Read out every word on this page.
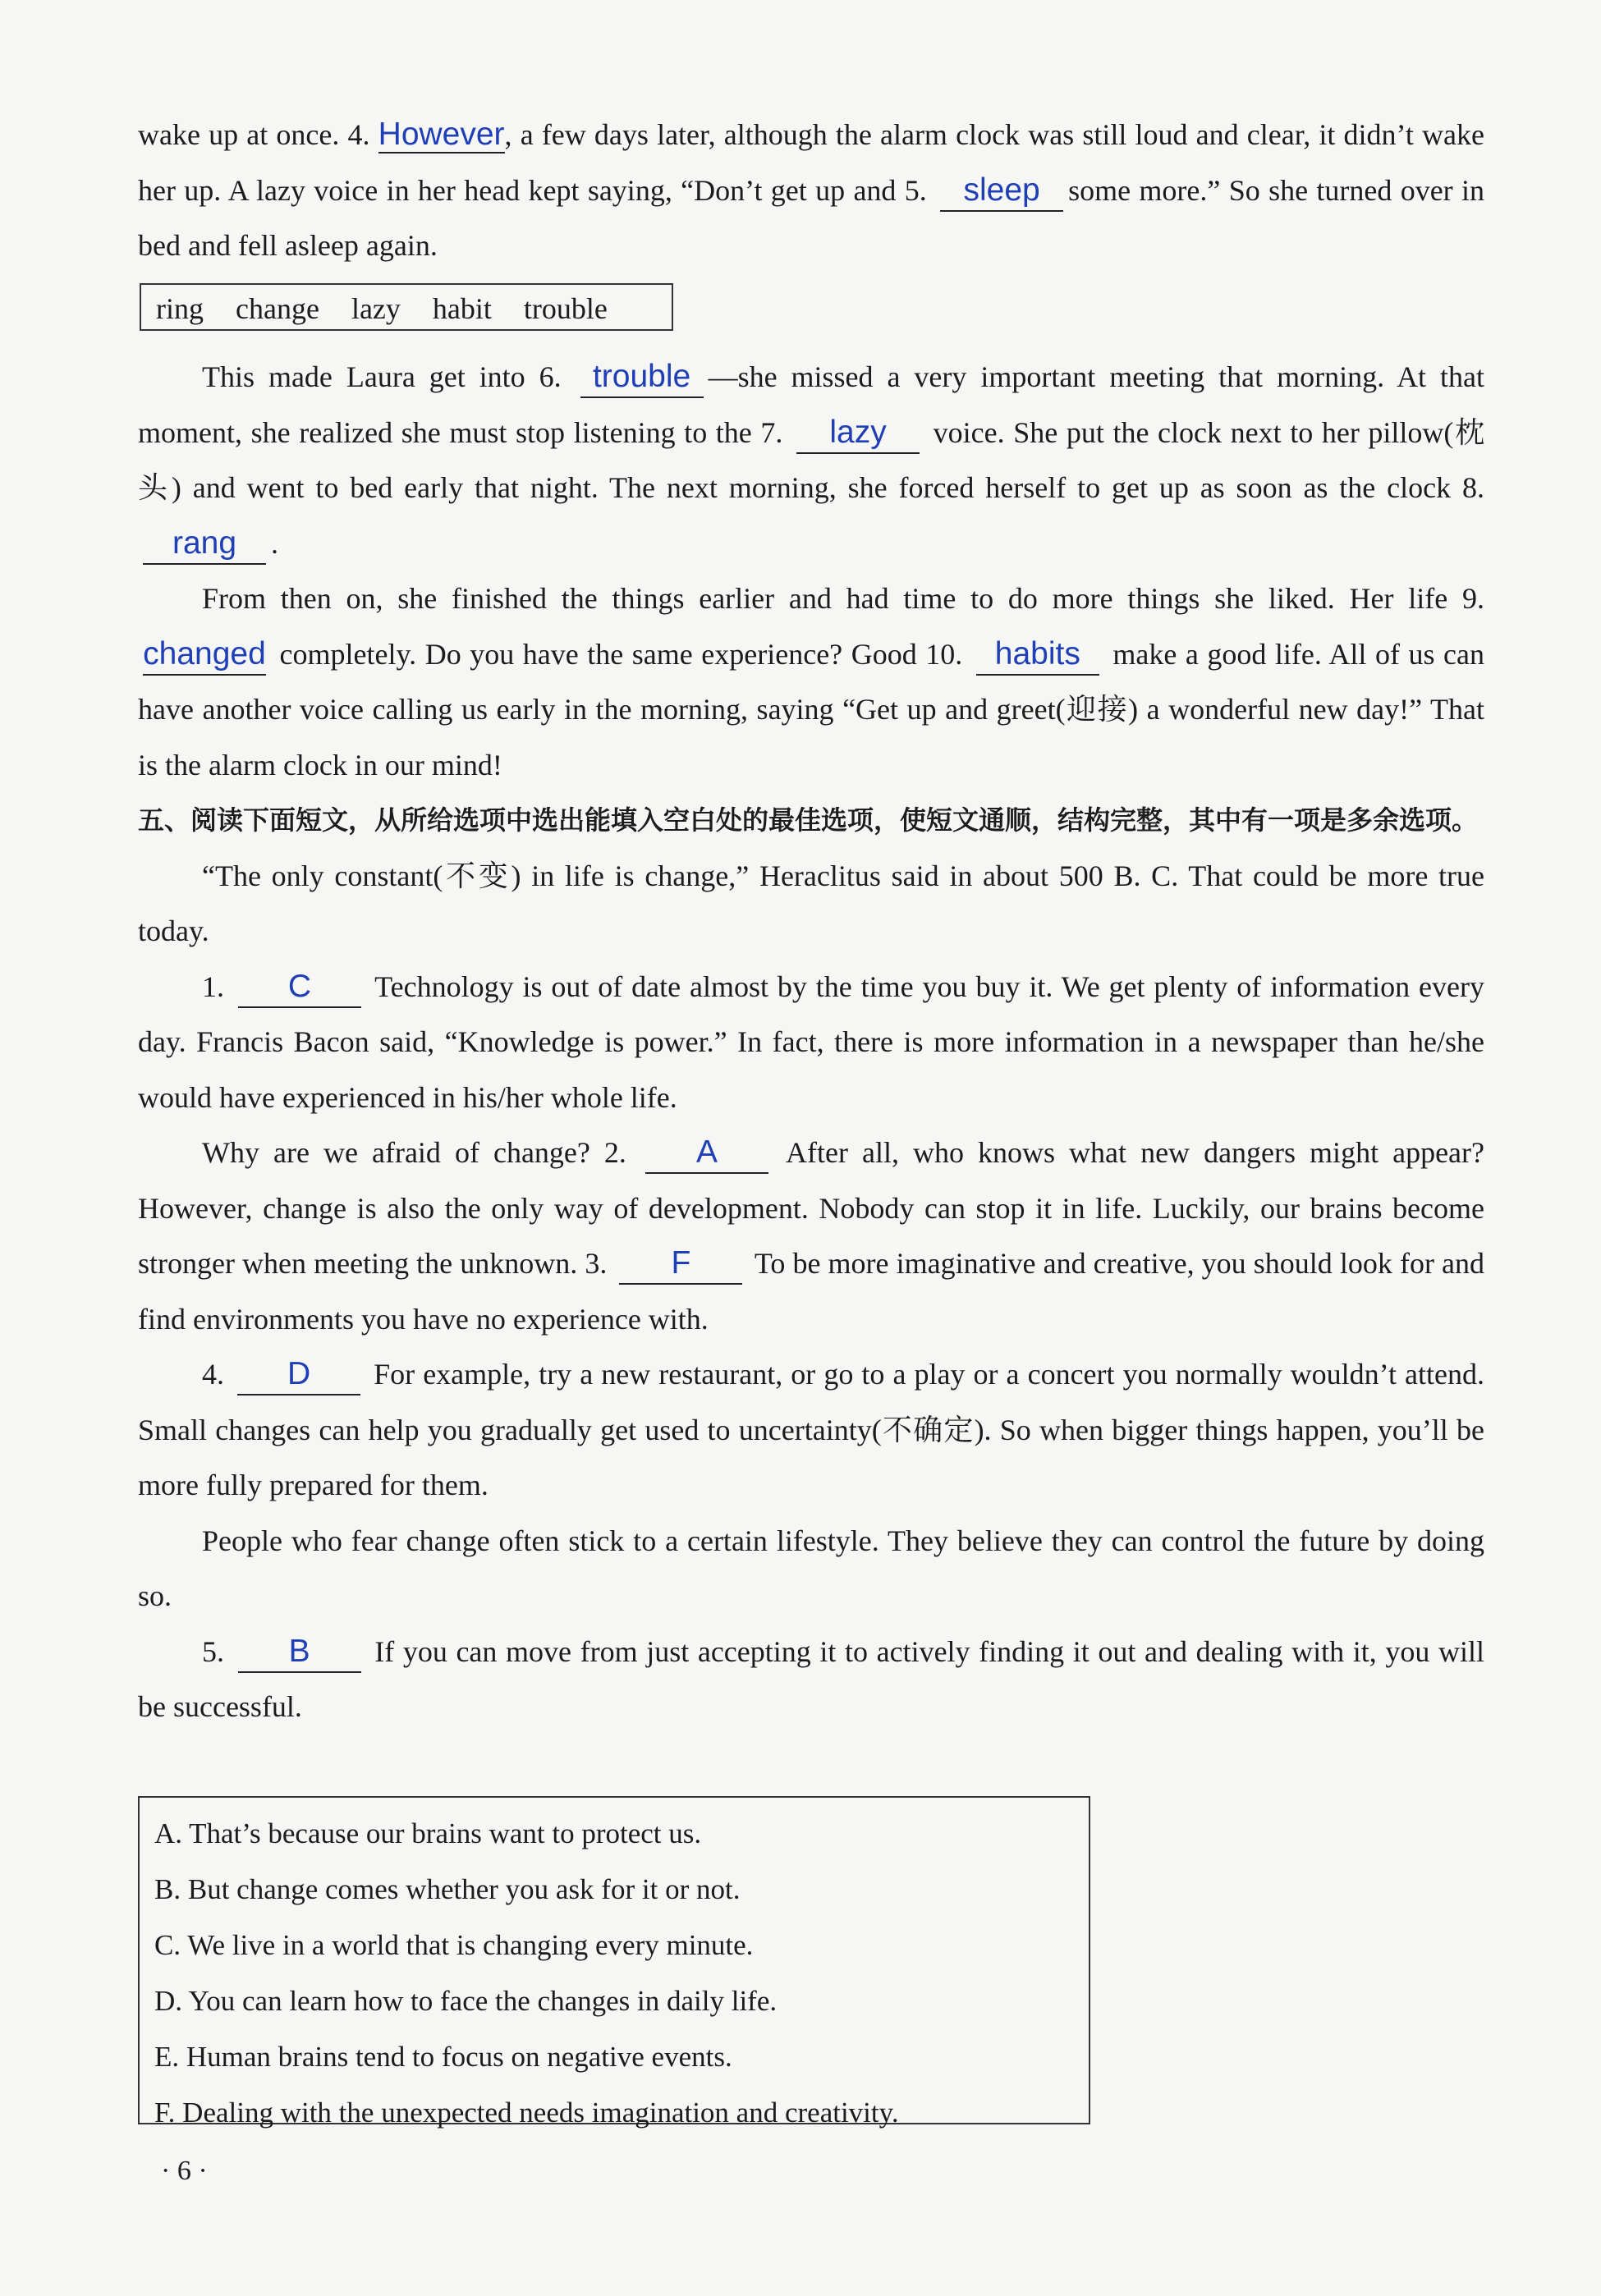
wake up at once. 4. However, a few days later, although the alarm clock was still loud and clear, it didn’t wake her up. A lazy voice in her head kept saying, “Don’t get up and 5. sleep some more.” So she turned over in bed and fell asleep again.

ring change lazy habit trouble

This made Laura get into 6. trouble —she missed a very important meeting that morning. At that moment, she realized she must stop listening to the 7. lazy voice. She put the clock next to her pillow(枕头) and went to bed early that night. The next morning, she forced herself to get up as soon as the clock 8. rang .

From then on, she finished the things earlier and had time to do more things she liked. Her life 9. changed completely. Do you have the same experience? Good 10. habits make a good life. All of us can have another voice calling us early in the morning, saying “Get up and greet(迎接) a wonderful new day!” That is the alarm clock in our mind!

五、阅读下面短文，从所给选项中选出能填入空白处的最佳选项，使短文通顺，结构完整，其中有一项是多余选项。

“The only constant(不变) in life is change,” Heraclitus said in about 500 B. C. That could be more true today.

1. C Technology is out of date almost by the time you buy it. We get plenty of information every day. Francis Bacon said, “Knowledge is power.” In fact, there is more information in a newspaper than he/she would have experienced in his/her whole life.

Why are we afraid of change? 2. A After all, who knows what new dangers might appear? However, change is also the only way of development. Nobody can stop it in life. Luckily, our brains become stronger when meeting the unknown. 3. F To be more imaginative and creative, you should look for and find environments you have no experience with.

4. D For example, try a new restaurant, or go to a play or a concert you normally wouldn’t attend. Small changes can help you gradually get used to uncertainty(不确定). So when bigger things happen, you’ll be more fully prepared for them.

People who fear change often stick to a certain lifestyle. They believe they can control the future by doing so.

5. B If you can move from just accepting it to actively finding it out and dealing with it, you will be successful.

A. That’s because our brains want to protect us.
B. But change comes whether you ask for it or not.
C. We live in a world that is changing every minute.
D. You can learn how to face the changes in daily life.
E. Human brains tend to focus on negative events.
F. Dealing with the unexpected needs imagination and creativity.
· 6 ·
